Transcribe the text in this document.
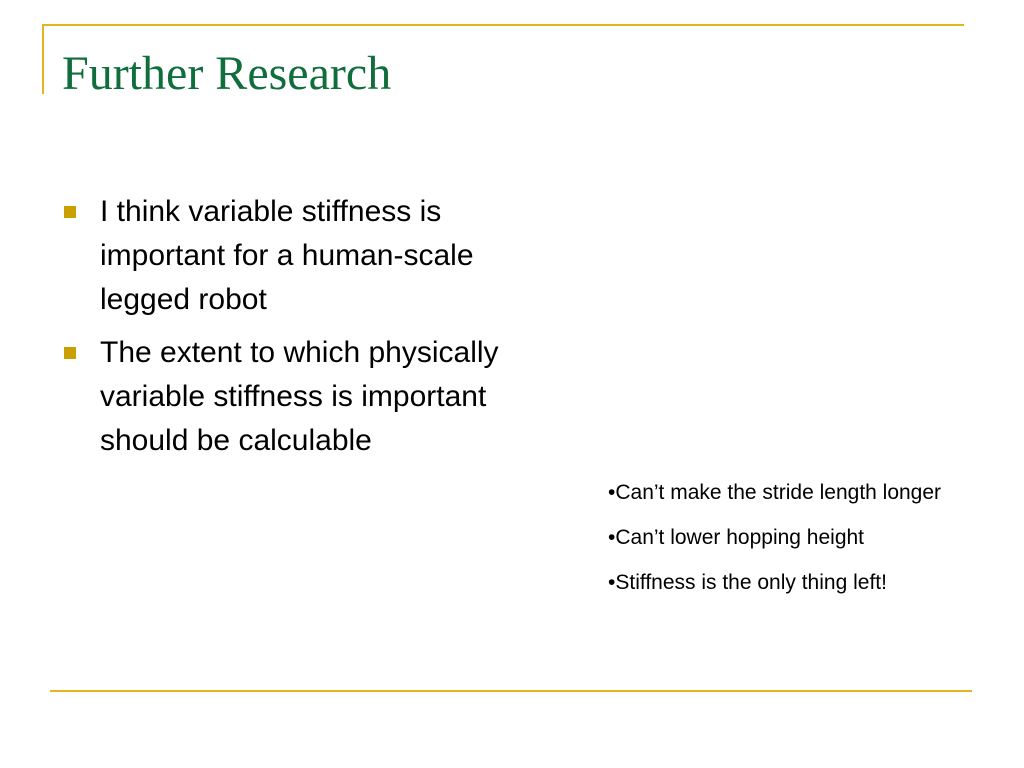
Further Research
I think variable stiffness is important for a human-scale legged robot
The extent to which physically variable stiffness is important should be calculable

•Can’t make the stride length longer

•Can’t lower hopping height

•Stiffness is the only thing left!
